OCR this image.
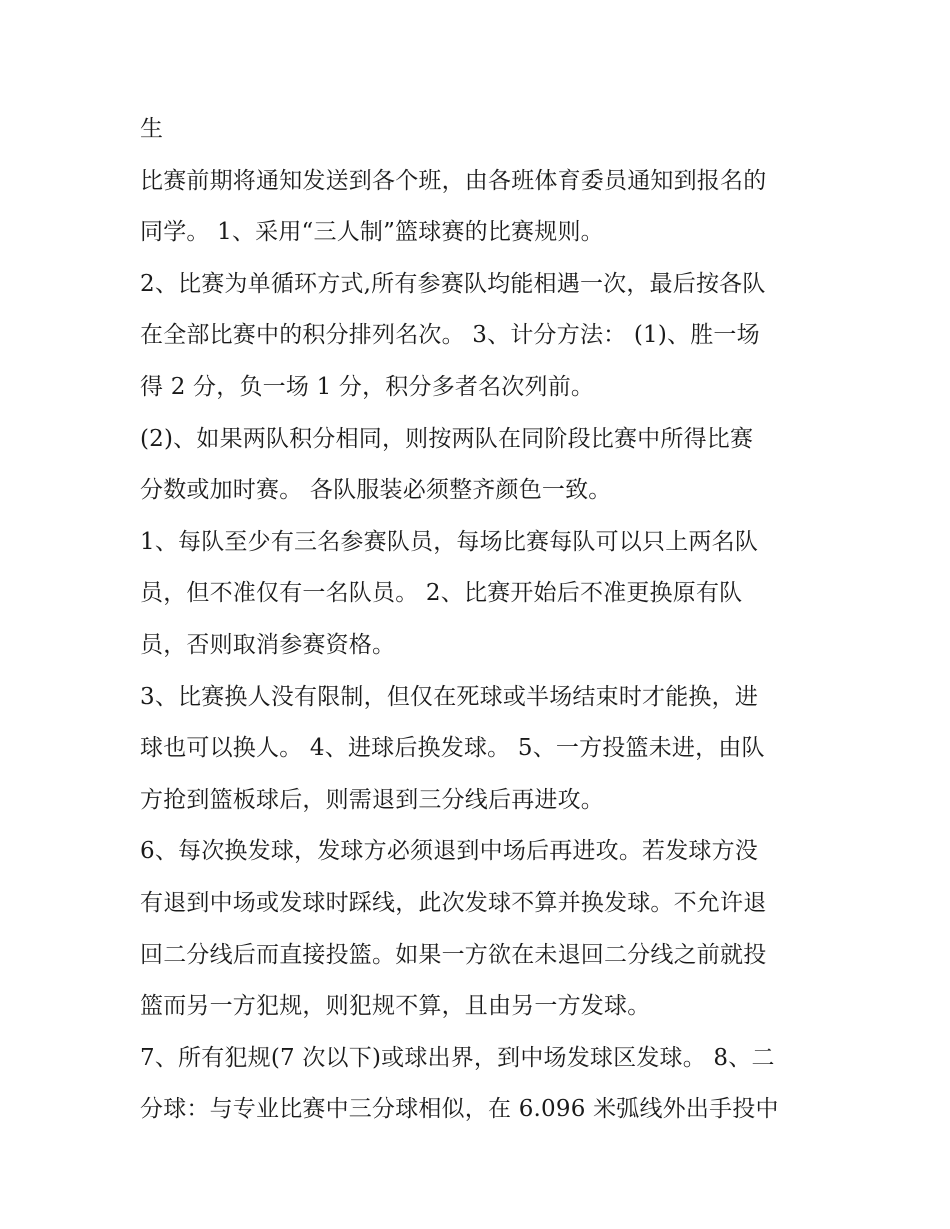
生

比赛前期将通知发送到各个班，由各班体育委员通知到报名的

同学。 1、采用“三人制”篮球赛的比赛规则。

2、比赛为单循环方式,所有参赛队均能相遇一次，最后按各队

在全部比赛中的积分排列名次。 3、计分方法： (1)、胜一场

得 2 分，负一场 1 分，积分多者名次列前。

(2)、如果两队积分相同，则按两队在同阶段比赛中所得比赛

分数或加时赛。 各队服装必须整齐颜色一致。

1、每队至少有三名参赛队员，每场比赛每队可以只上两名队

员，但不准仅有一名队员。 2、比赛开始后不准更换原有队

员，否则取消参赛资格。

3、比赛换人没有限制，但仅在死球或半场结束时才能换，进

球也可以换人。 4、进球后换发球。 5、一方投篮未进，由队

方抢到篮板球后，则需退到三分线后再进攻。

6、每次换发球，发球方必须退到中场后再进攻。若发球方没

有退到中场或发球时踩线，此次发球不算并换发球。不允许退

回二分线后而直接投篮。如果一方欲在未退回二分线之前就投

篮而另一方犯规，则犯规不算，且由另一方发球。

7、所有犯规(7 次以下)或球出界，到中场发球区发球。 8、二

分球：与专业比赛中三分球相似，在 6.096 米弧线外出手投中
